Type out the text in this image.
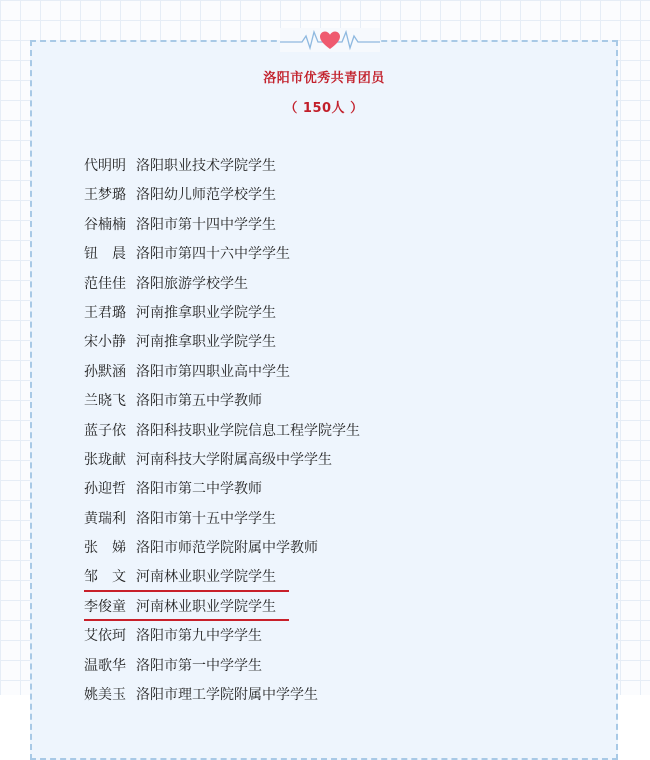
洛阳市优秀共青团员
（ 150人 ）
代明明 洛阳职业技术学院学生
王梦璐 洛阳幼儿师范学校学生
谷楠楠 洛阳市第十四中学学生
钮　晨 洛阳市第四十六中学学生
范佳佳 洛阳旅游学校学生
王君璐 河南推拿职业学院学生
宋小静 河南推拿职业学院学生
孙默涵 洛阳市第四职业高中学生
兰晓飞 洛阳市第五中学教师
蓝子依 洛阳科技职业学院信息工程学院学生
张珑献 河南科技大学附属高级中学学生
孙迎哲 洛阳市第二中学教师
黄瑞利 洛阳市第十五中学学生
张　娣 洛阳市师范学院附属中学教师
邹　文 河南林业职业学院学生
李俊童 河南林业职业学院学生
艾依珂 洛阳市第九中学学生
温歌华 洛阳市第一中学学生
姚美玉 洛阳市理工学院附属中学学生
